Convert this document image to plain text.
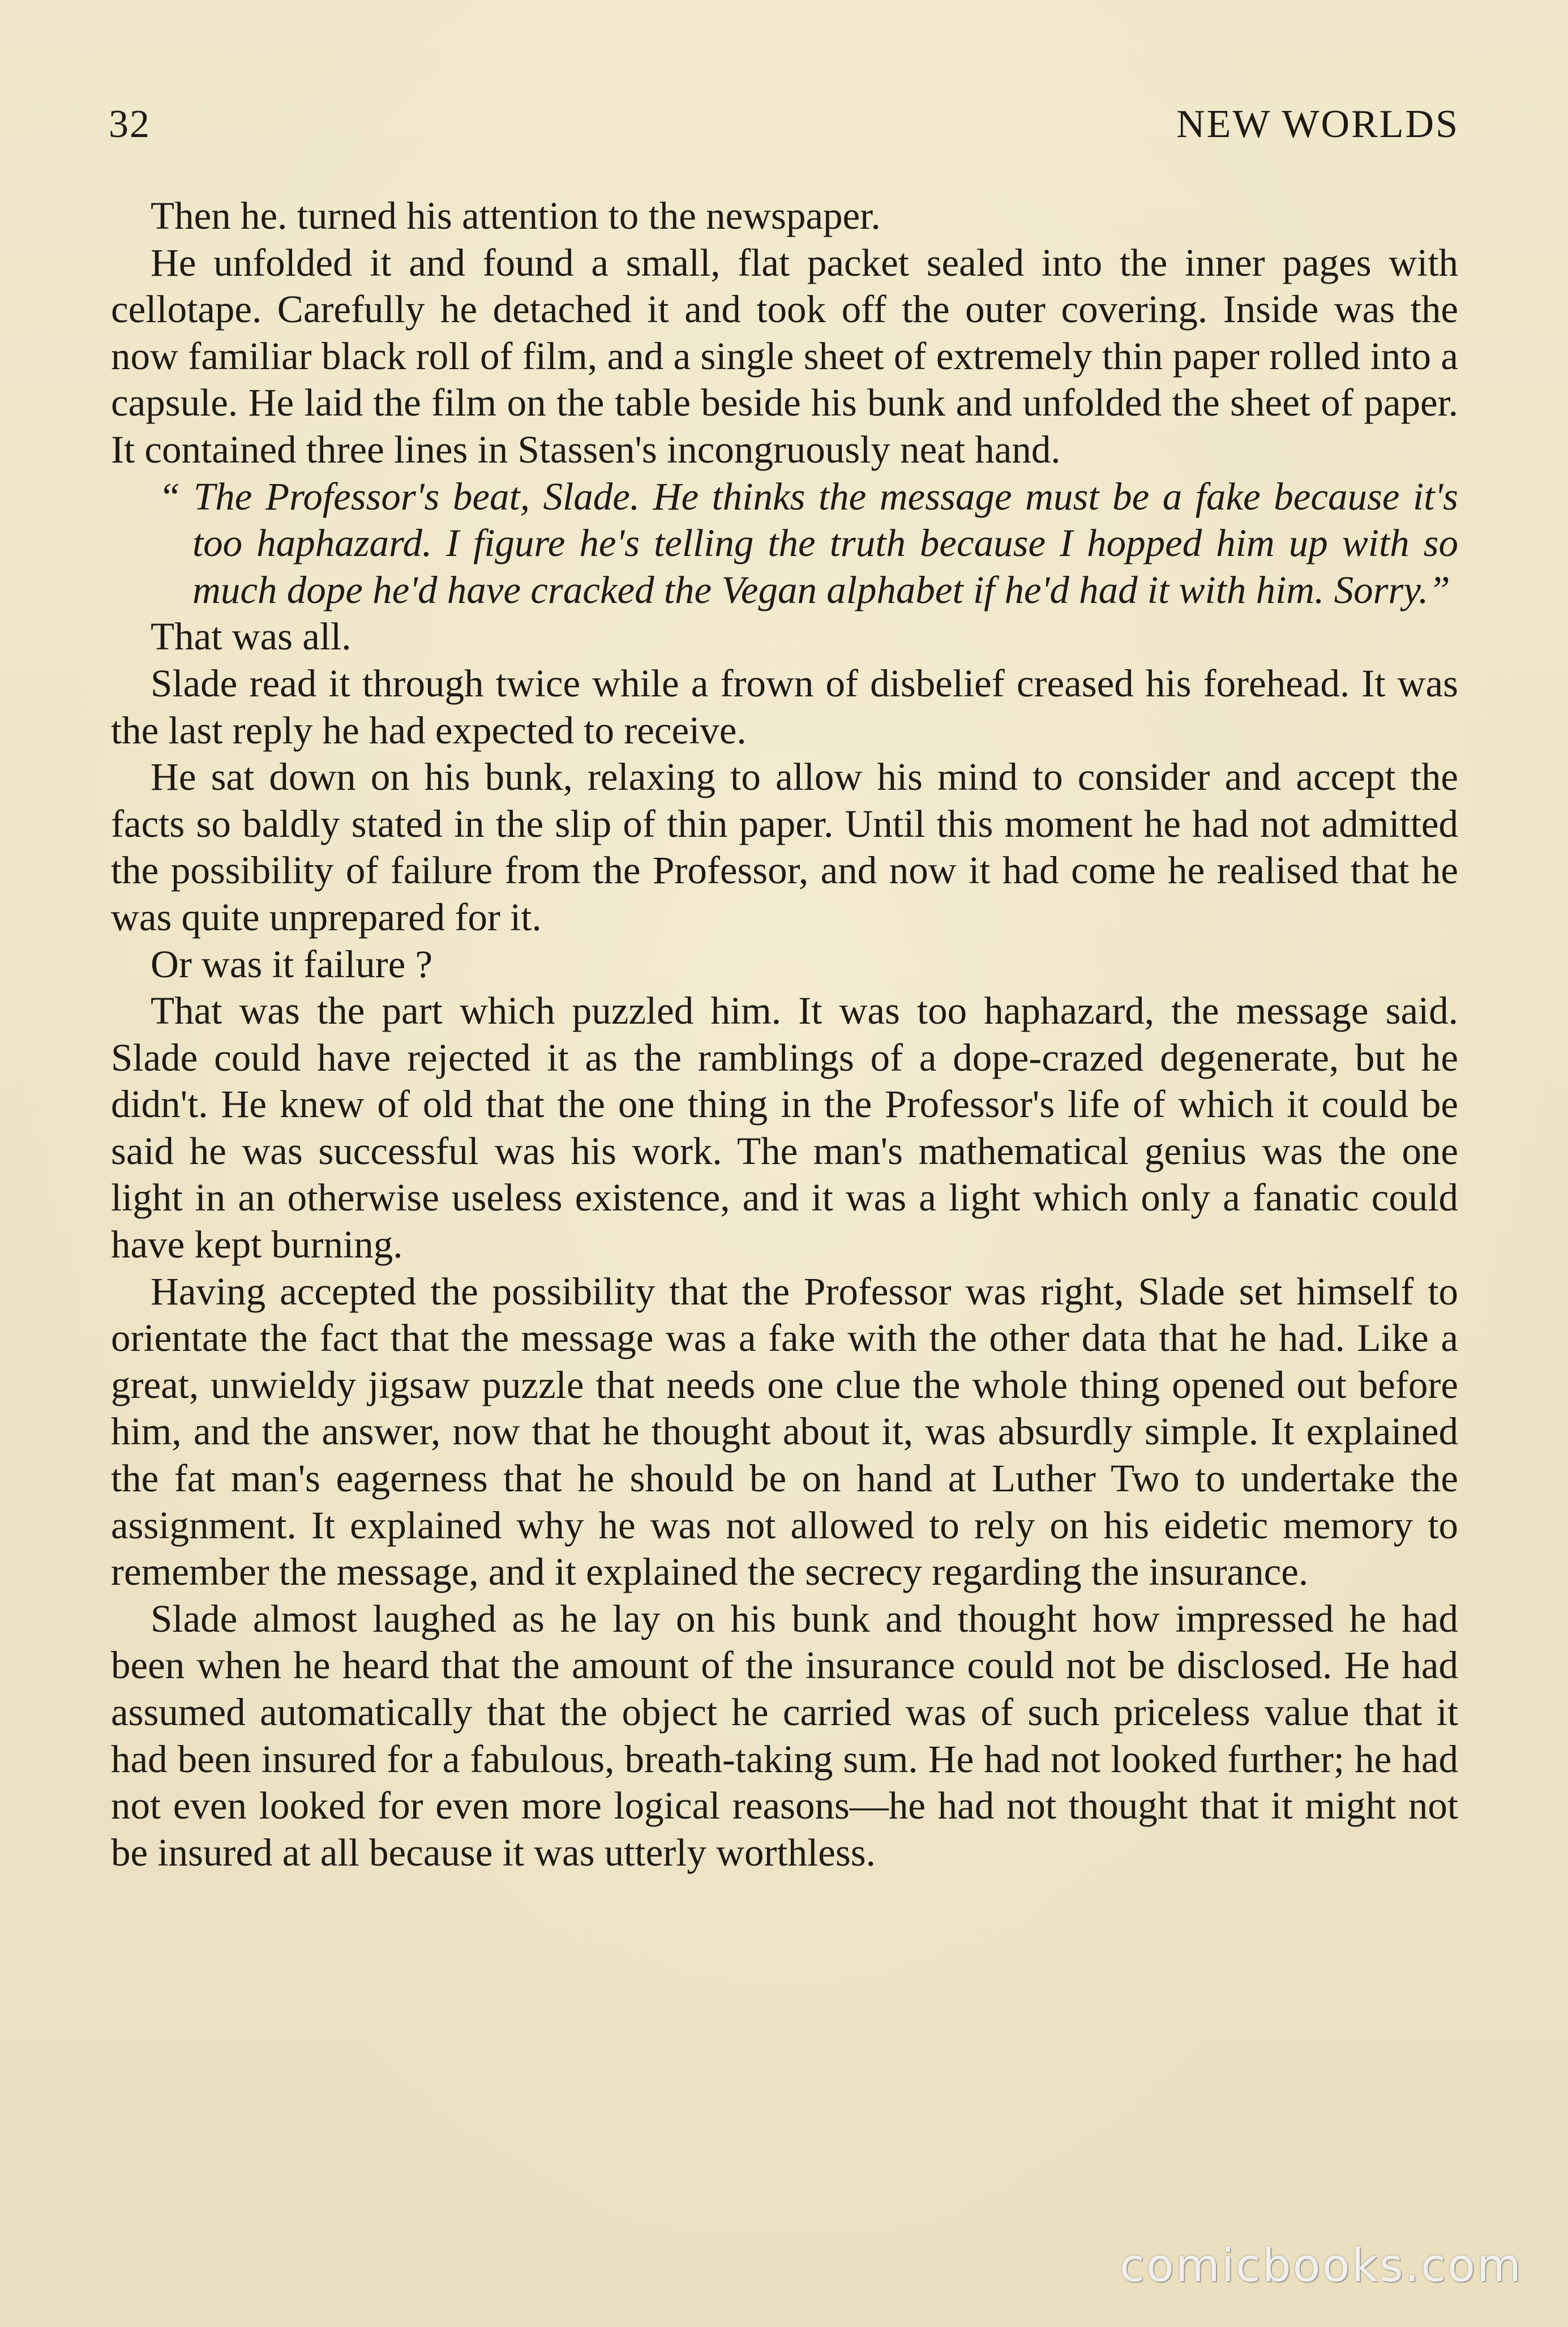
32	NEW WORLDS

Then he. turned his attention to the newspaper.

He unfolded it and found a small, flat packet sealed into the inner pages with cellotape. Carefully he detached it and took off the outer covering. Inside was the now familiar black roll of film, and a single sheet of extremely thin paper rolled into a capsule. He laid the film on the table beside his bunk and unfolded the sheet of paper. It contained three lines in Stassen's incongruously neat hand.

“ The Professor's beat, Slade. He thinks the message must be a fake because it's too haphazard. I figure he's telling the truth because I hopped him up with so much dope he'd have cracked the Vegan alphabet if he'd had it with him. Sorry.”

That was all.

Slade read it through twice while a frown of disbelief creased his forehead. It was the last reply he had expected to receive.

He sat down on his bunk, relaxing to allow his mind to consider and accept the facts so baldly stated in the slip of thin paper. Until this moment he had not admitted the possibility of failure from the Professor, and now it had come he realised that he was quite unprepared for it.

Or was it failure ?

That was the part which puzzled him. It was too haphazard, the message said. Slade could have rejected it as the ramblings of a dope-crazed degenerate, but he didn't. He knew of old that the one thing in the Professor's life of which it could be said he was successful was his work. The man's mathematical genius was the one light in an otherwise useless existence, and it was a light which only a fanatic could have kept burning.

Having accepted the possibility that the Professor was right, Slade set himself to orientate the fact that the message was a fake with the other data that he had. Like a great, unwieldy jigsaw puzzle that needs one clue the whole thing opened out before him, and the answer, now that he thought about it, was absurdly simple. It explained the fat man's eagerness that he should be on hand at Luther Two to undertake the assignment. It explained why he was not allowed to rely on his eidetic memory to remember the message, and it explained the secrecy regarding the insurance.

Slade almost laughed as he lay on his bunk and thought how impressed he had been when he heard that the amount of the insurance could not be disclosed. He had assumed automatically that the object he carried was of such priceless value that it had been insured for a fabulous, breath-taking sum. He had not looked further; he had not even looked for even more logical reasons—he had not thought that it might not be insured at all because it was utterly worthless.

comicbooks.com
